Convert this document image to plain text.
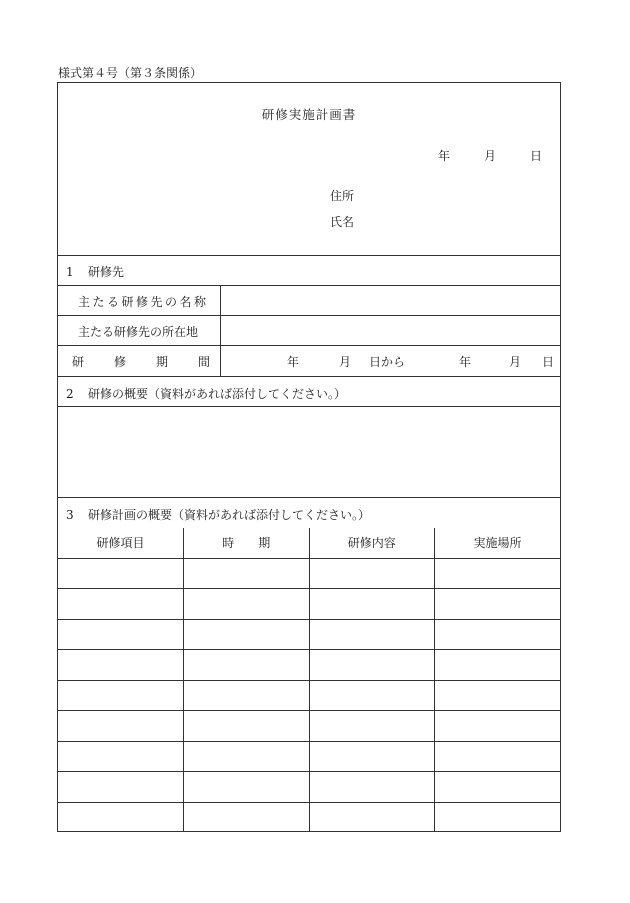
様式第４号（第３条関係）
研修実施計画書
年	月	日
住所
氏名
1 研修先
主たる研修先の名称
主たる研修先の所在地
研 修 期 間	年	月 日から	年	月 日
2 研修の概要（資料があれば添付してください。）
3 研修計画の概要（資料があれば添付してください。）
研修項目	時　　期	研修内容	実施場所
